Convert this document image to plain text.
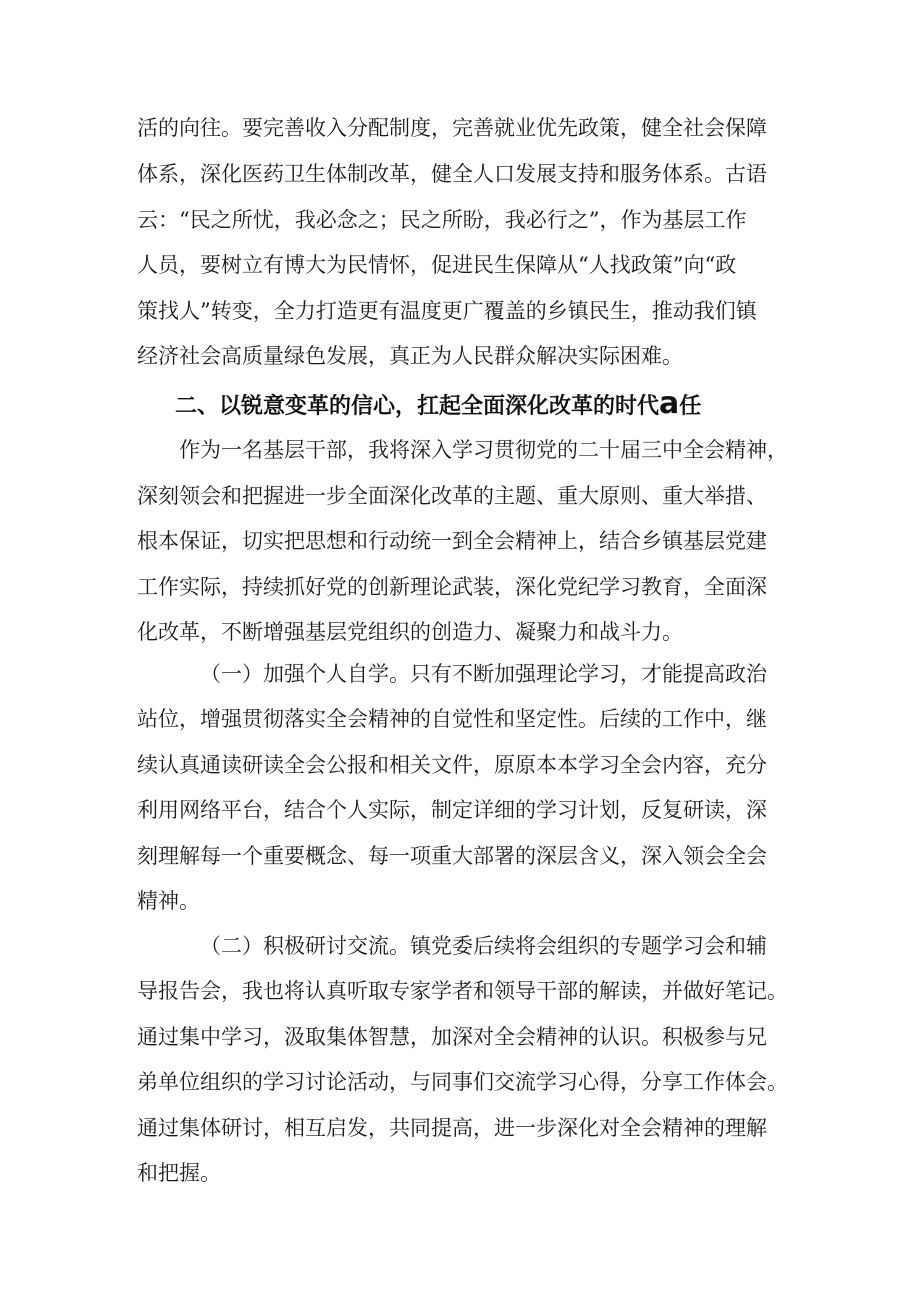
活的向往。要完善收入分配制度，完善就业优先政策，健全社会保障
体系，深化医药卫生体制改革，健全人口发展支持和服务体系。古语
云：“民之所忧，我必念之；民之所盼，我必行之”，作为基层工作
人员，要树立有博大为民情怀，促进民生保障从“人找政策”向“政
策找人”转变，全力打造更有温度更广覆盖的乡镇民生，推动我们镇
经济社会高质量绿色发展，真正为人民群众解决实际困难。
二、以锐意变革的信心，扛起全面深化改革的时代a任
作为一名基层干部，我将深入学习贯彻党的二十届三中全会精神，
深刻领会和把握进一步全面深化改革的主题、重大原则、重大举措、
根本保证，切实把思想和行动统一到全会精神上，结合乡镇基层党建
工作实际，持续抓好党的创新理论武装，深化党纪学习教育，全面深
化改革，不断增强基层党组织的创造力、凝聚力和战斗力。
（一）加强个人自学。只有不断加强理论学习，才能提高政治
站位，增强贯彻落实全会精神的自觉性和坚定性。后续的工作中，继
续认真通读研读全会公报和相关文件，原原本本学习全会内容，充分
利用网络平台，结合个人实际，制定详细的学习计划，反复研读，深
刻理解每一个重要概念、每一项重大部署的深层含义，深入领会全会
精神。
（二）积极研讨交流。镇党委后续将会组织的专题学习会和辅
导报告会，我也将认真听取专家学者和领导干部的解读，并做好笔记。
通过集中学习，汲取集体智慧，加深对全会精神的认识。积极参与兄
弟单位组织的学习讨论活动，与同事们交流学习心得，分享工作体会。
通过集体研讨，相互启发，共同提高，进一步深化对全会精神的理解
和把握。
